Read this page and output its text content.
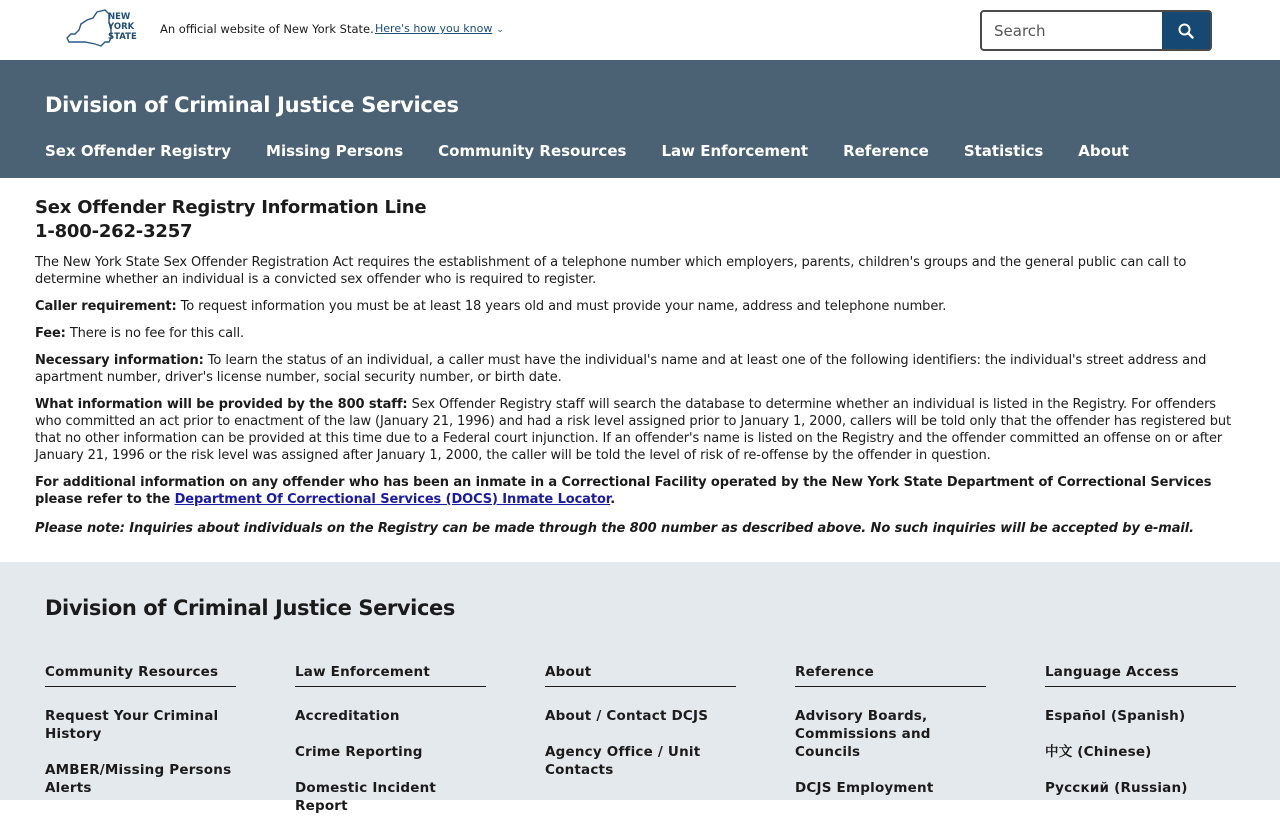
NEW
YORK
STATE
An official website of New York State. Here's how you know ⌄
Search
Division of Criminal Justice Services
Sex Offender Registry Missing Persons Community Resources Law Enforcement Reference Statistics About
Sex Offender Registry Information Line
1-800-262-3257

The New York State Sex Offender Registration Act requires the establishment of a telephone number which employers, parents, children's groups and the general public can call to determine whether an individual is a convicted sex offender who is required to register.

Caller requirement: To request information you must be at least 18 years old and must provide your name, address and telephone number.

Fee: There is no fee for this call.

Necessary information: To learn the status of an individual, a caller must have the individual's name and at least one of the following identifiers: the individual's street address and apartment number, driver's license number, social security number, or birth date.

What information will be provided by the 800 staff: Sex Offender Registry staff will search the database to determine whether an individual is listed in the Registry. For offenders who committed an act prior to enactment of the law (January 21, 1996) and had a risk level assigned prior to January 1, 2000, callers will be told only that the offender has registered but that no other information can be provided at this time due to a Federal court injunction. If an offender's name is listed on the Registry and the offender committed an offense on or after January 21, 1996 or the risk level was assigned after January 1, 2000, the caller will be told the level of risk of re-offense by the offender in question.

For additional information on any offender who has been an inmate in a Correctional Facility operated by the New York State Department of Correctional Services please refer to the Department Of Correctional Services (DOCS) Inmate Locator.

Please note: Inquiries about individuals on the Registry can be made through the 800 number as described above. No such inquiries will be accepted by e-mail.

Division of Criminal Justice Services
Community Resources
Request Your Criminal History
AMBER/Missing Persons Alerts
Law Enforcement
Accreditation
Crime Reporting
Domestic Incident Report
About
About / Contact DCJS
Agency Office / Unit Contacts
Reference
Advisory Boards, Commissions and Councils
DCJS Employment
Language Access
Español (Spanish)
中文 (Chinese)
Русский (Russian)
